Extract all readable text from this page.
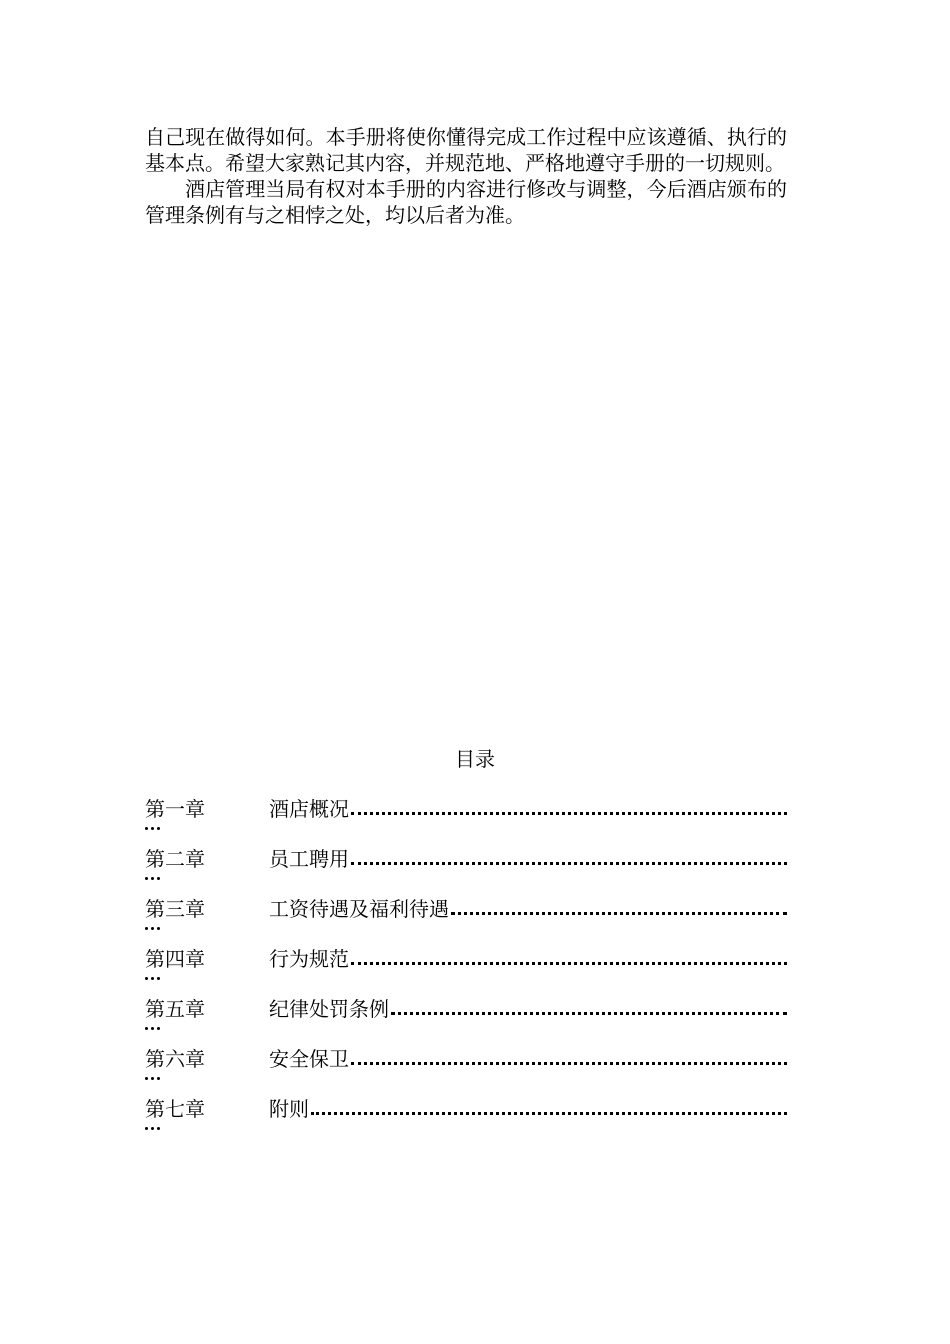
自己现在做得如何。本手册将使你懂得完成工作过程中应该遵循、执行的基本点。希望大家熟记其内容，并规范地、严格地遵守手册的一切规则。

酒店管理当局有权对本手册的内容进行修改与调整，今后酒店颁布的管理条例有与之相悖之处，均以后者为准。

目录
第一章	酒店概况
第二章	员工聘用
第三章	工资待遇及福利待遇
第四章	行为规范
第五章	纪律处罚条例
第六章	安全保卫
第七章	附则
